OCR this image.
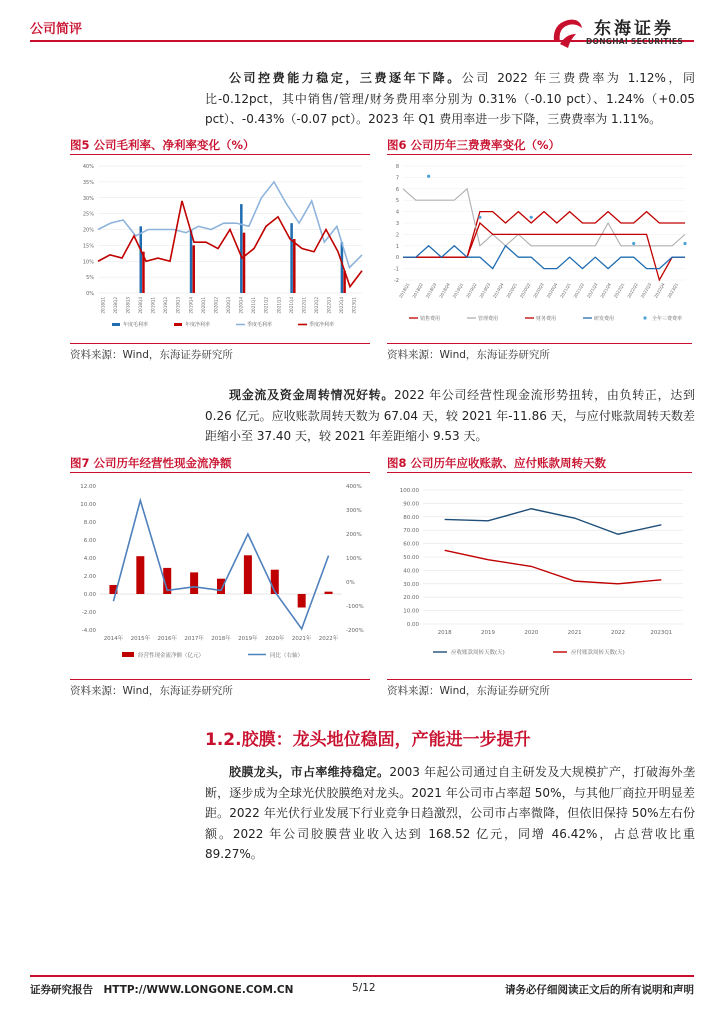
公司简评	东海证券
DONGHAI SECURITIES
公司控费能力稳定，三费逐年下降。公司 2022 年三费费率为 1.12%，同比-0.12pct，其中销售/管理/财务费用率分别为 0.31%（-0.10 pct）、1.24%（+0.05 pct）、-0.43%（-0.07 pct）。2023 年 Q1 费用率进一步下降，三费费率为 1.11%。
图5 公司毛利率、净利率变化（%）
0%
5%
10%
15%
20%
25%
30%
35%
40%
2018Q1 2018Q2 2018Q3 2018Q4 2019Q1 2019Q2 2019Q3 2019Q4 2020Q1 2020Q2 2020Q3 2020Q4 2021Q1 2021Q2 2021Q3 2021Q4 2022Q1 2022Q2 2022Q3 2022Q4 2023Q1
年度毛利率	年度净利率	季度毛利率	季度净利率
资料来源：Wind，东海证券研究所
图6 公司历年三费费率变化（%）
-2
-1
0
1
2
3
4
5
6
7
8
2018Q1 2018Q2 2018Q3 2018Q4 2019Q1 2019Q2 2019Q3 2019Q4 2020Q1 2020Q2 2020Q3 2020Q4 2021Q1 2021Q2 2021Q3 2021Q4 2022Q1 2022Q2 2022Q3 2022Q4 2023Q1
销售费用	管理费用	财务费用	研发费用	全年三费费率
资料来源：Wind，东海证券研究所
现金流及资金周转情况好转。2022 年公司经营性现金流形势扭转，由负转正，达到 0.26 亿元。应收账款周转天数为 67.04 天，较 2021 年-11.86 天，与应付账款周转天数差距缩小至 37.40 天，较 2021 年差距缩小 9.53 天。
图7 公司历年经营性现金流净额
-4.00
-2.00
0.00
2.00
4.00
6.00
8.00
10.00
12.00
-200%
-100%
0%
100%
200%
300%
400%
2014年 2015年 2016年 2017年 2018年 2019年 2020年 2021年 2022年
经营性现金流净额（亿元）	同比（右轴）
资料来源：Wind，东海证券研究所
图8 公司历年应收账款、应付账款周转天数
0.00
10.00
20.00
30.00
40.00
50.00
60.00
70.00
80.00
90.00
100.00
2018	2019	2020	2021	2022	2023Q1
应收账款周转天数(天)	应付账款周转天数(天)
资料来源：Wind，东海证券研究所
1.2.胶膜：龙头地位稳固，产能进一步提升
胶膜龙头，市占率维持稳定。2003 年起公司通过自主研发及大规模扩产，打破海外垄断，逐步成为全球光伏胶膜绝对龙头。2021 年公司市占率超 50%，与其他厂商拉开明显差距。2022 年光伏行业发展下行业竞争日趋激烈，公司市占率微降，但依旧保持 50%左右份额。2022 年公司胶膜营业收入达到 168.52 亿元，同增 46.42%，占总营收比重 89.27%。
证券研究报告　HTTP://WWW.LONGONE.COM.CN	5/12	请务必仔细阅读正文后的所有说明和声明
